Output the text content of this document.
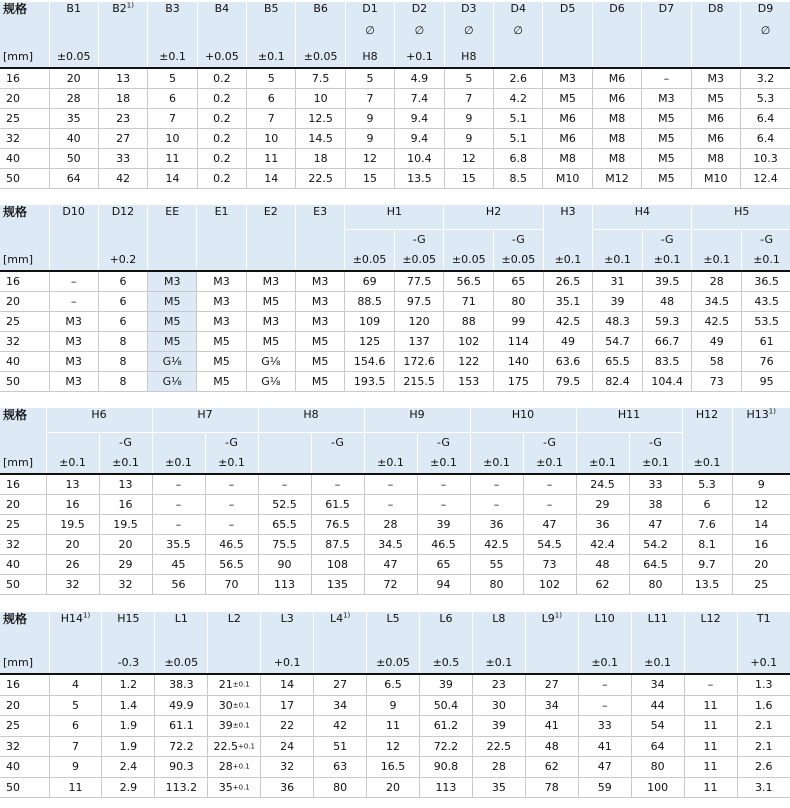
规格	B1	B2$^{1)}$	B3	B4	B5	B6	D1	D2	D3	D4	D5	D6	D7	D8	D9
							∅	∅	∅	∅					∅
[mm]	±0.05		±0.1	+0.05	±0.1	±0.05	H8	+0.1	H8						
16	20	13	5	0.2	5	7.5	5	4.9	5	2.6	M3	M6	–	M3	3.2
20	28	18	6	0.2	6	10	7	7.4	7	4.2	M5	M6	M3	M5	5.3
25	35	23	7	0.2	7	12.5	9	9.4	9	5.1	M6	M8	M5	M6	6.4
32	40	27	10	0.2	10	14.5	9	9.4	9	5.1	M6	M8	M5	M6	6.4
40	50	33	11	0.2	11	18	12	10.4	12	6.8	M8	M8	M5	M8	10.3
50	64	42	14	0.2	14	22.5	15	13.5	15	8.5	M10	M12	M5	M10	12.4
规格	D10	D12	EE	E1	E2	E3	H1		H2		H3	H4		H5	
								-G		-G			-G		-G
[mm]		+0.2					±0.05	±0.05	±0.05	±0.05	±0.1	±0.1	±0.1	±0.1	±0.1
16	–	6	M3	M3	M3	M3	69	77.5	56.5	65	26.5	31	39.5	28	36.5
20	–	6	M5	M3	M5	M3	88.5	97.5	71	80	35.1	39	48	34.5	43.5
25	M3	6	M5	M3	M3	M3	109	120	88	99	42.5	48.3	59.3	42.5	53.5
32	M3	8	M5	M5	M5	M5	125	137	102	114	49	54.7	66.7	49	61
40	M3	8	G⅛	M5	G⅛	M5	154.6	172.6	122	140	63.6	65.5	83.5	58	76
50	M3	8	G⅛	M5	G⅛	M5	193.5	215.5	153	175	79.5	82.4	104.4	73	95
规格	H6		H7		H8		H9		H10		H11		H12	H13$^{1)}$
		-G		-G		-G		-G		-G		-G		
[mm]	±0.1	±0.1	±0.1	±0.1			±0.1	±0.1	±0.1	±0.1	±0.1	±0.1	±0.1	
16	13	13	–	–	–	–	–	–	–	–	24.5	33	5.3	9
20	16	16	–	–	52.5	61.5	–	–	–	–	29	38	6	12
25	19.5	19.5	–	–	65.5	76.5	28	39	36	47	36	47	7.6	14
32	20	20	35.5	46.5	75.5	87.5	34.5	46.5	42.5	54.5	42.4	54.2	8.1	16
40	26	29	45	56.5	90	108	47	65	55	73	48	64.5	9.7	20
50	32	32	56	70	113	135	72	94	80	102	62	80	13.5	25
规格	H14$^{1)}$	H15	L1	L2	L3	L4$^{1)}$	L5	L6	L8	L9$^{1)}$	L10	L11	L12	T1
[mm]		-0.3	±0.05		+0.1		±0.05	±0.5	±0.1		±0.1	±0.1		+0.1
16	4	1.2	38.3	21±0.1	14	27	6.5	39	23	27	–	34	–	1.3
20	5	1.4	49.9	30±0.1	17	34	9	50.4	30	34	–	44	11	1.6
25	6	1.9	61.1	39±0.1	22	42	11	61.2	39	41	33	54	11	2.1
32	7	1.9	72.2	22.5+0.1	24	51	12	72.2	22.5	48	41	64	11	2.1
40	9	2.4	90.3	28+0.1	32	63	16.5	90.8	28	62	47	80	11	2.6
50	11	2.9	113.2	35+0.1	36	80	20	113	35	78	59	100	11	3.1
